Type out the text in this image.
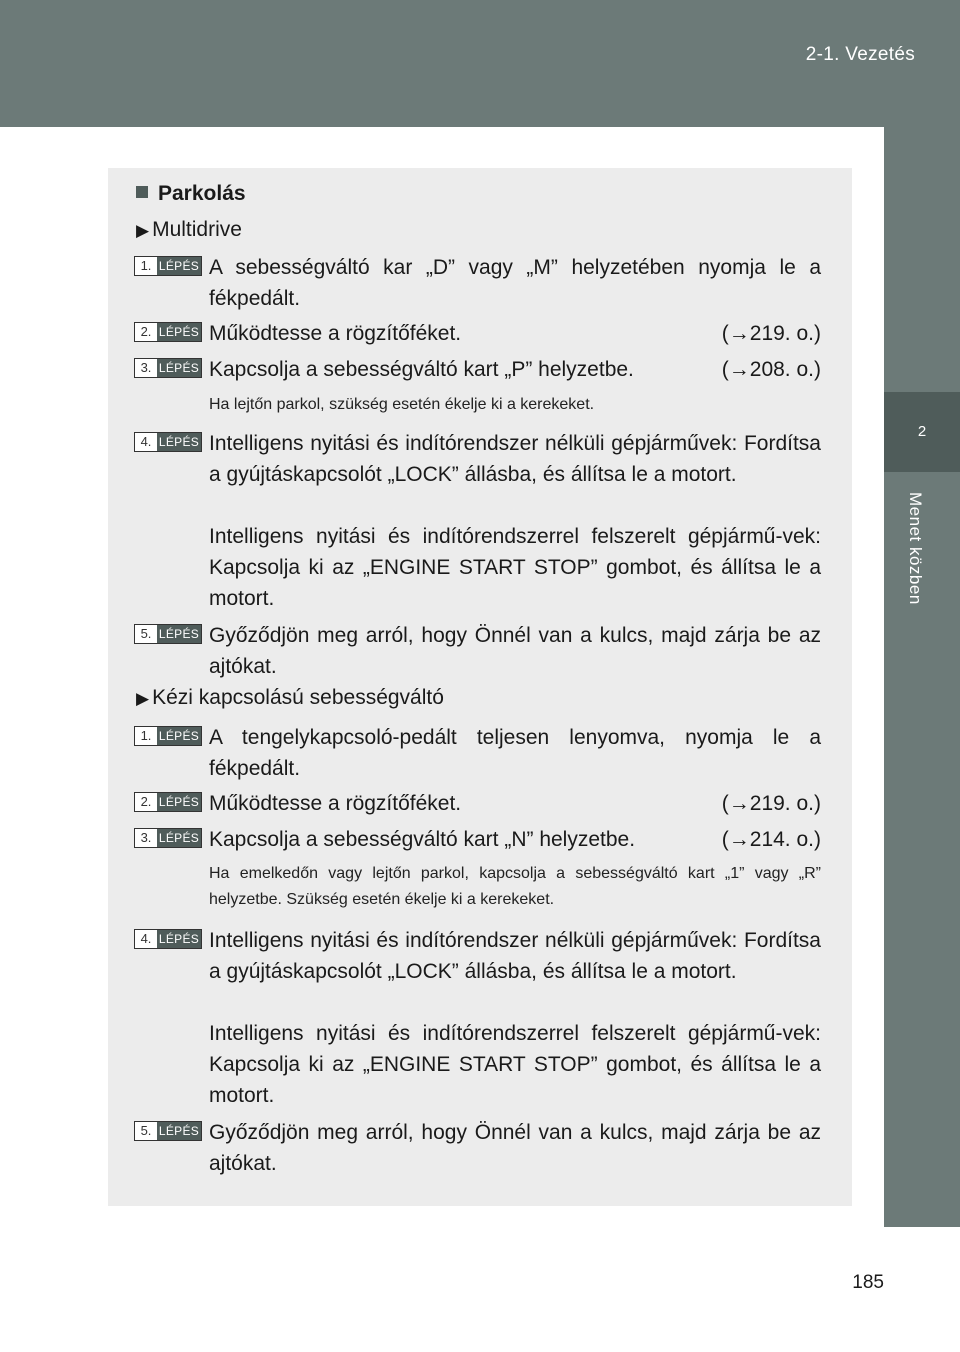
2-1. Vezetés
2
Menet közben
Parkolás
▶ Multidrive
1. LÉPÉS A sebességváltó kar „D” vagy „M” helyzetében nyomja le a fékpedált.
2. LÉPÉS	(→219. o.)
Működtesse a rögzítőféket.
3. LÉPÉS	(→208. o.)
Kapcsolja a sebességváltó kart „P” helyzetbe.
Ha lejtőn parkol, szükség esetén ékelje ki a kerekeket.
4. LÉPÉS Intelligens nyitási és indítórendszer nélküli gépjárművek: Fordítsa a gyújtáskapcsolót „LOCK” állásba, és állítsa le a motort.
Intelligens nyitási és indítórendszerrel felszerelt gépjármű-vek: Kapcsolja ki az „ENGINE START STOP” gombot, és állítsa le a motort.
5. LÉPÉS Győződjön meg arról, hogy Önnél van a kulcs, majd zárja be az ajtókat.
▶ Kézi kapcsolású sebességváltó
1. LÉPÉS A tengelykapcsoló-pedált teljesen lenyomva, nyomja le a fékpedált.
2. LÉPÉS	(→219. o.)
Működtesse a rögzítőféket.
3. LÉPÉS	(→214. o.)
Kapcsolja a sebességváltó kart „N” helyzetbe.
Ha emelkedőn vagy lejtőn parkol, kapcsolja a sebességváltó kart „1” vagy „R” helyzetbe. Szükség esetén ékelje ki a kerekeket.
4. LÉPÉS Intelligens nyitási és indítórendszer nélküli gépjárművek: Fordítsa a gyújtáskapcsolót „LOCK” állásba, és állítsa le a motort.
Intelligens nyitási és indítórendszerrel felszerelt gépjármű-vek: Kapcsolja ki az „ENGINE START STOP” gombot, és állítsa le a motort.
5. LÉPÉS Győződjön meg arról, hogy Önnél van a kulcs, majd zárja be az ajtókat.
185
